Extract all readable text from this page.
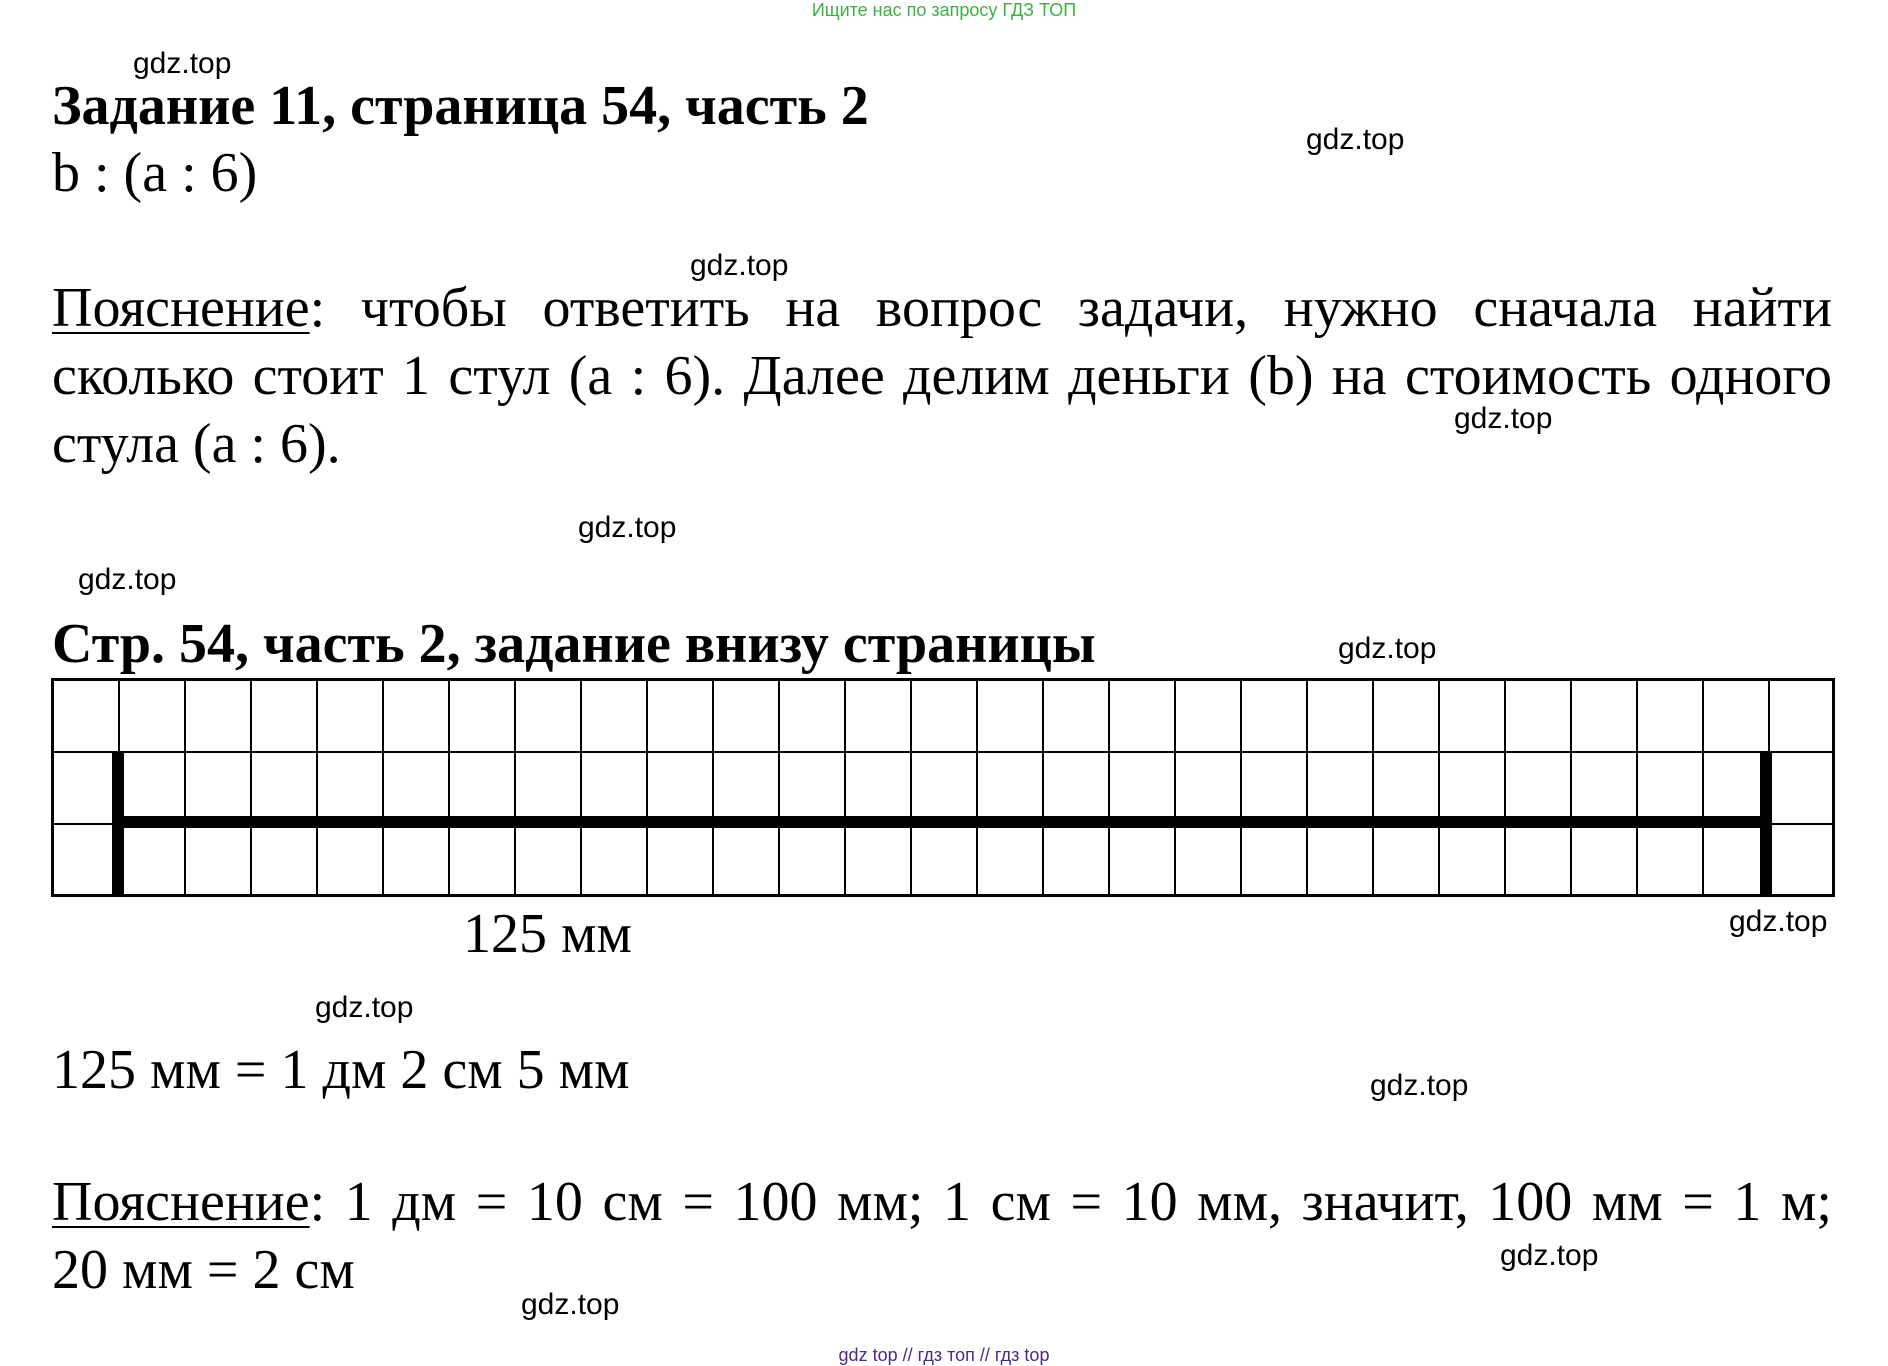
Ищите нас по запросу ГДЗ ТОП
gdz.top
gdz.top
gdz.top
gdz.top
gdz.top
gdz.top
gdz.top
gdz.top
gdz.top
gdz.top
gdz.top
gdz.top
Задание 11, страница 54, часть 2
b : (a : 6)
Пояснение: чтобы ответить на вопрос задачи, нужно сначала найти сколько стоит 1 стул (a : 6). Далее делим деньги (b) на стоимость одного стула (a : 6).
Стр. 54, часть 2, задание внизу страницы
125 мм
125 мм = 1 дм 2 см 5 мм
Пояснение: 1 дм = 10 см = 100 мм; 1 см = 10 мм, значит, 100 мм = 1 м;
20 мм = 2 см
gdz top // гдз топ // гдз top
